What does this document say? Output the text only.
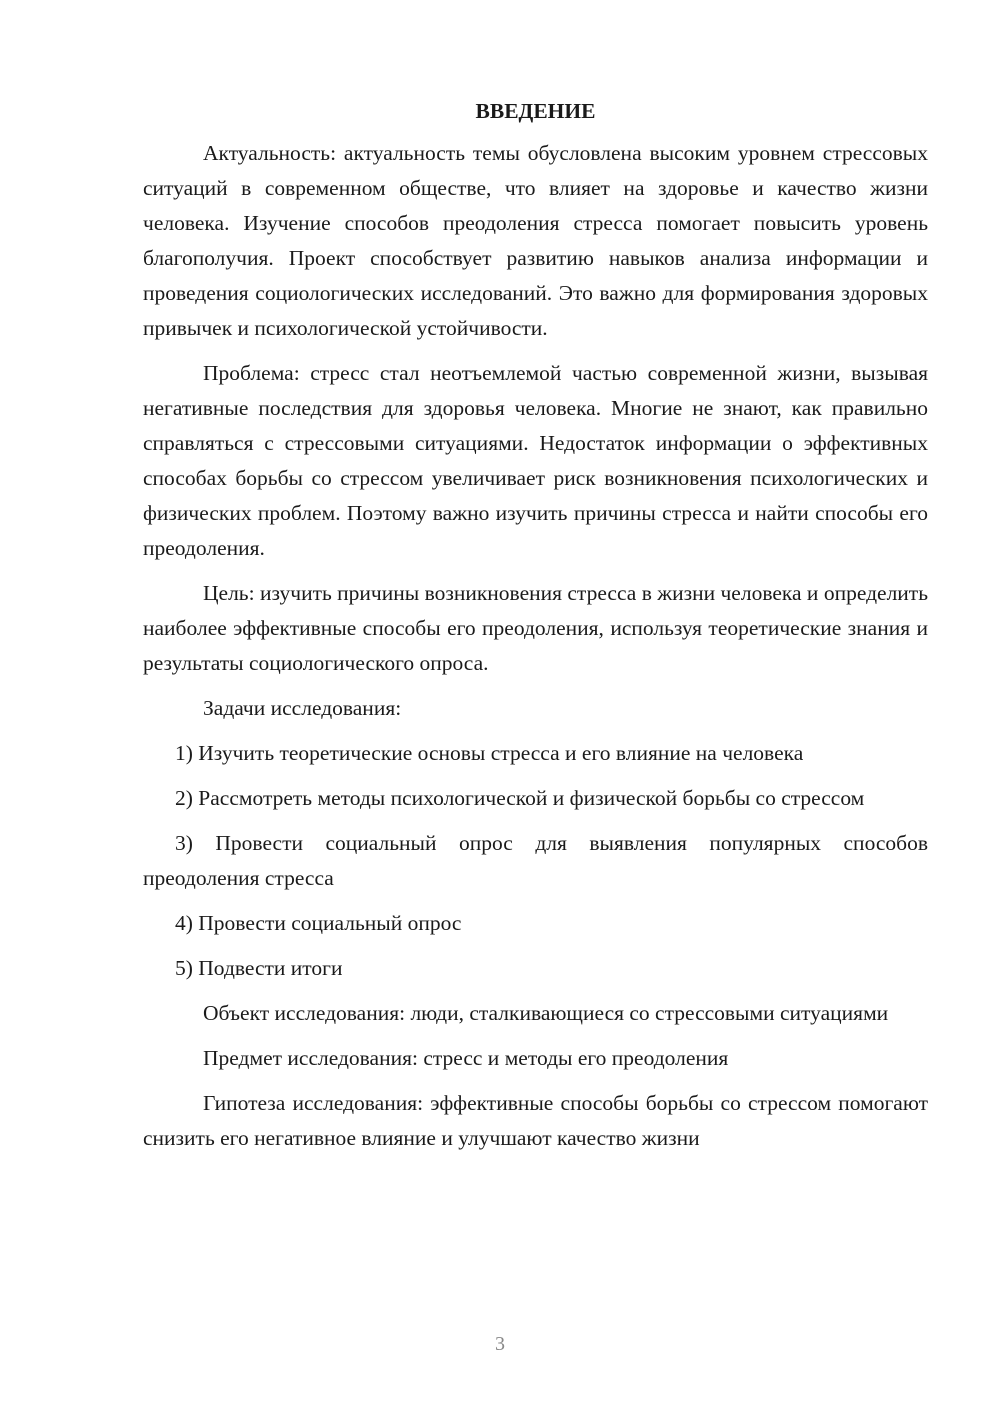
ВВЕДЕНИЕ

Актуальность: актуальность темы обусловлена высоким уровнем стрессовых ситуаций в современном обществе, что влияет на здоровье и качество жизни человека. Изучение способов преодоления стресса помогает повысить уровень благополучия. Проект способствует развитию навыков анализа информации и проведения социологических исследований. Это важно для формирования здоровых привычек и психологической устойчивости.

Проблема: стресс стал неотъемлемой частью современной жизни, вызывая негативные последствия для здоровья человека. Многие не знают, как правильно справляться с стрессовыми ситуациями. Недостаток информации о эффективных способах борьбы со стрессом увеличивает риск возникновения психологических и физических проблем. Поэтому важно изучить причины стресса и найти способы его преодоления.

Цель: изучить причины возникновения стресса в жизни человека и определить наиболее эффективные способы его преодоления, используя теоретические знания и результаты социологического опроса.

Задачи исследования:

1) Изучить теоретические основы стресса и его влияние на человека

2) Рассмотреть методы психологической и физической борьбы со стрессом

3) Провести социальный опрос для выявления популярных способов преодоления стресса

4) Провести социальный опрос

5) Подвести итоги

Объект исследования: люди, сталкивающиеся со стрессовыми ситуациями

Предмет исследования: стресс и методы его преодоления

Гипотеза исследования: эффективные способы борьбы со стрессом помогают снизить его негативное влияние и улучшают качество жизни

3
